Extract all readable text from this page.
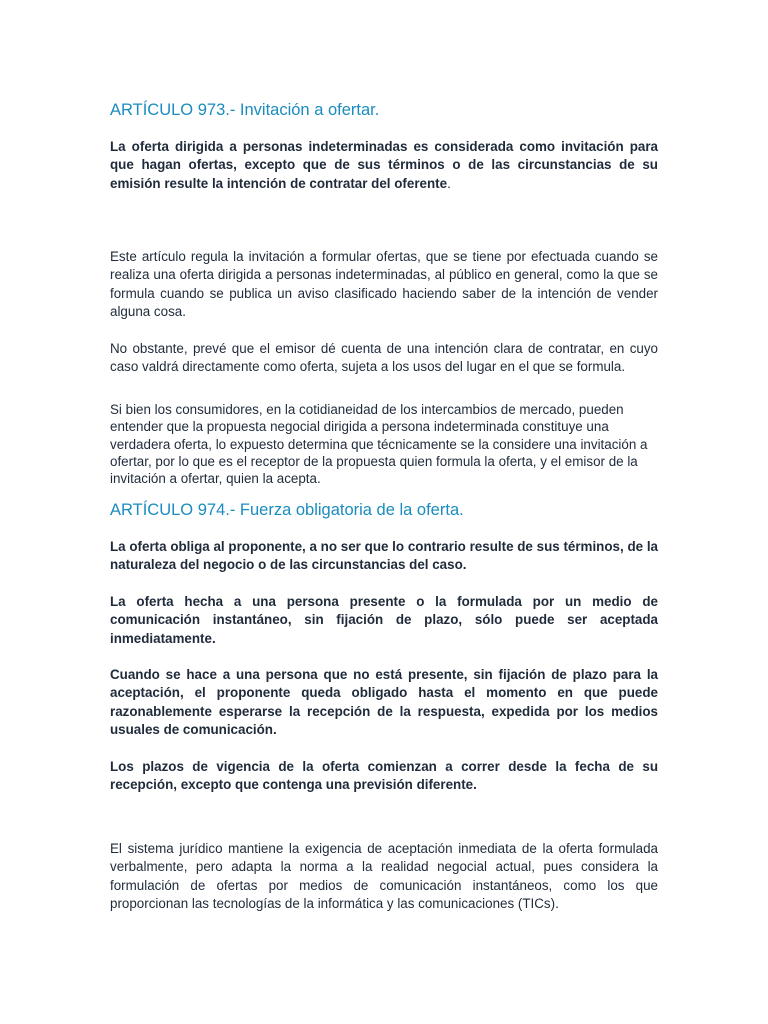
ARTÍCULO 973.- Invitación a ofertar.

La oferta dirigida a personas indeterminadas es considerada como invitación para que hagan ofertas, excepto que de sus términos o de las circunstancias de su emisión resulte la intención de contratar del oferente.

Este artículo regula la invitación a formular ofertas, que se tiene por efectuada cuando se realiza una oferta dirigida a personas indeterminadas, al público en general, como la que se formula cuando se publica un aviso clasificado haciendo saber de la intención de vender alguna cosa.

No obstante, prevé que el emisor dé cuenta de una intención clara de contratar, en cuyo caso valdrá directamente como oferta, sujeta a los usos del lugar en el que se formula.

Si bien los consumidores, en la cotidianeidad de los intercambios de mercado, pueden entender que la propuesta negocial dirigida a persona indeterminada constituye una verdadera oferta, lo expuesto determina que técnicamente se la considere una invitación a ofertar, por lo que es el receptor de la propuesta quien formula la oferta, y el emisor de la invitación a ofertar, quien la acepta.

ARTÍCULO 974.- Fuerza obligatoria de la oferta.

La oferta obliga al proponente, a no ser que lo contrario resulte de sus términos, de la naturaleza del negocio o de las circunstancias del caso.

La oferta hecha a una persona presente o la formulada por un medio de comunicación instantáneo, sin fijación de plazo, sólo puede ser aceptada inmediatamente.

Cuando se hace a una persona que no está presente, sin fijación de plazo para la aceptación, el proponente queda obligado hasta el momento en que puede razonablemente esperarse la recepción de la respuesta, expedida por los medios usuales de comunicación.

Los plazos de vigencia de la oferta comienzan a correr desde la fecha de su recepción, excepto que contenga una previsión diferente.

El sistema jurídico mantiene la exigencia de aceptación inmediata de la oferta formulada verbalmente, pero adapta la norma a la realidad negocial actual, pues considera la formulación de ofertas por medios de comunicación instantáneos, como los que proporcionan las tecnologías de la informática y las comunicaciones (TICs).
